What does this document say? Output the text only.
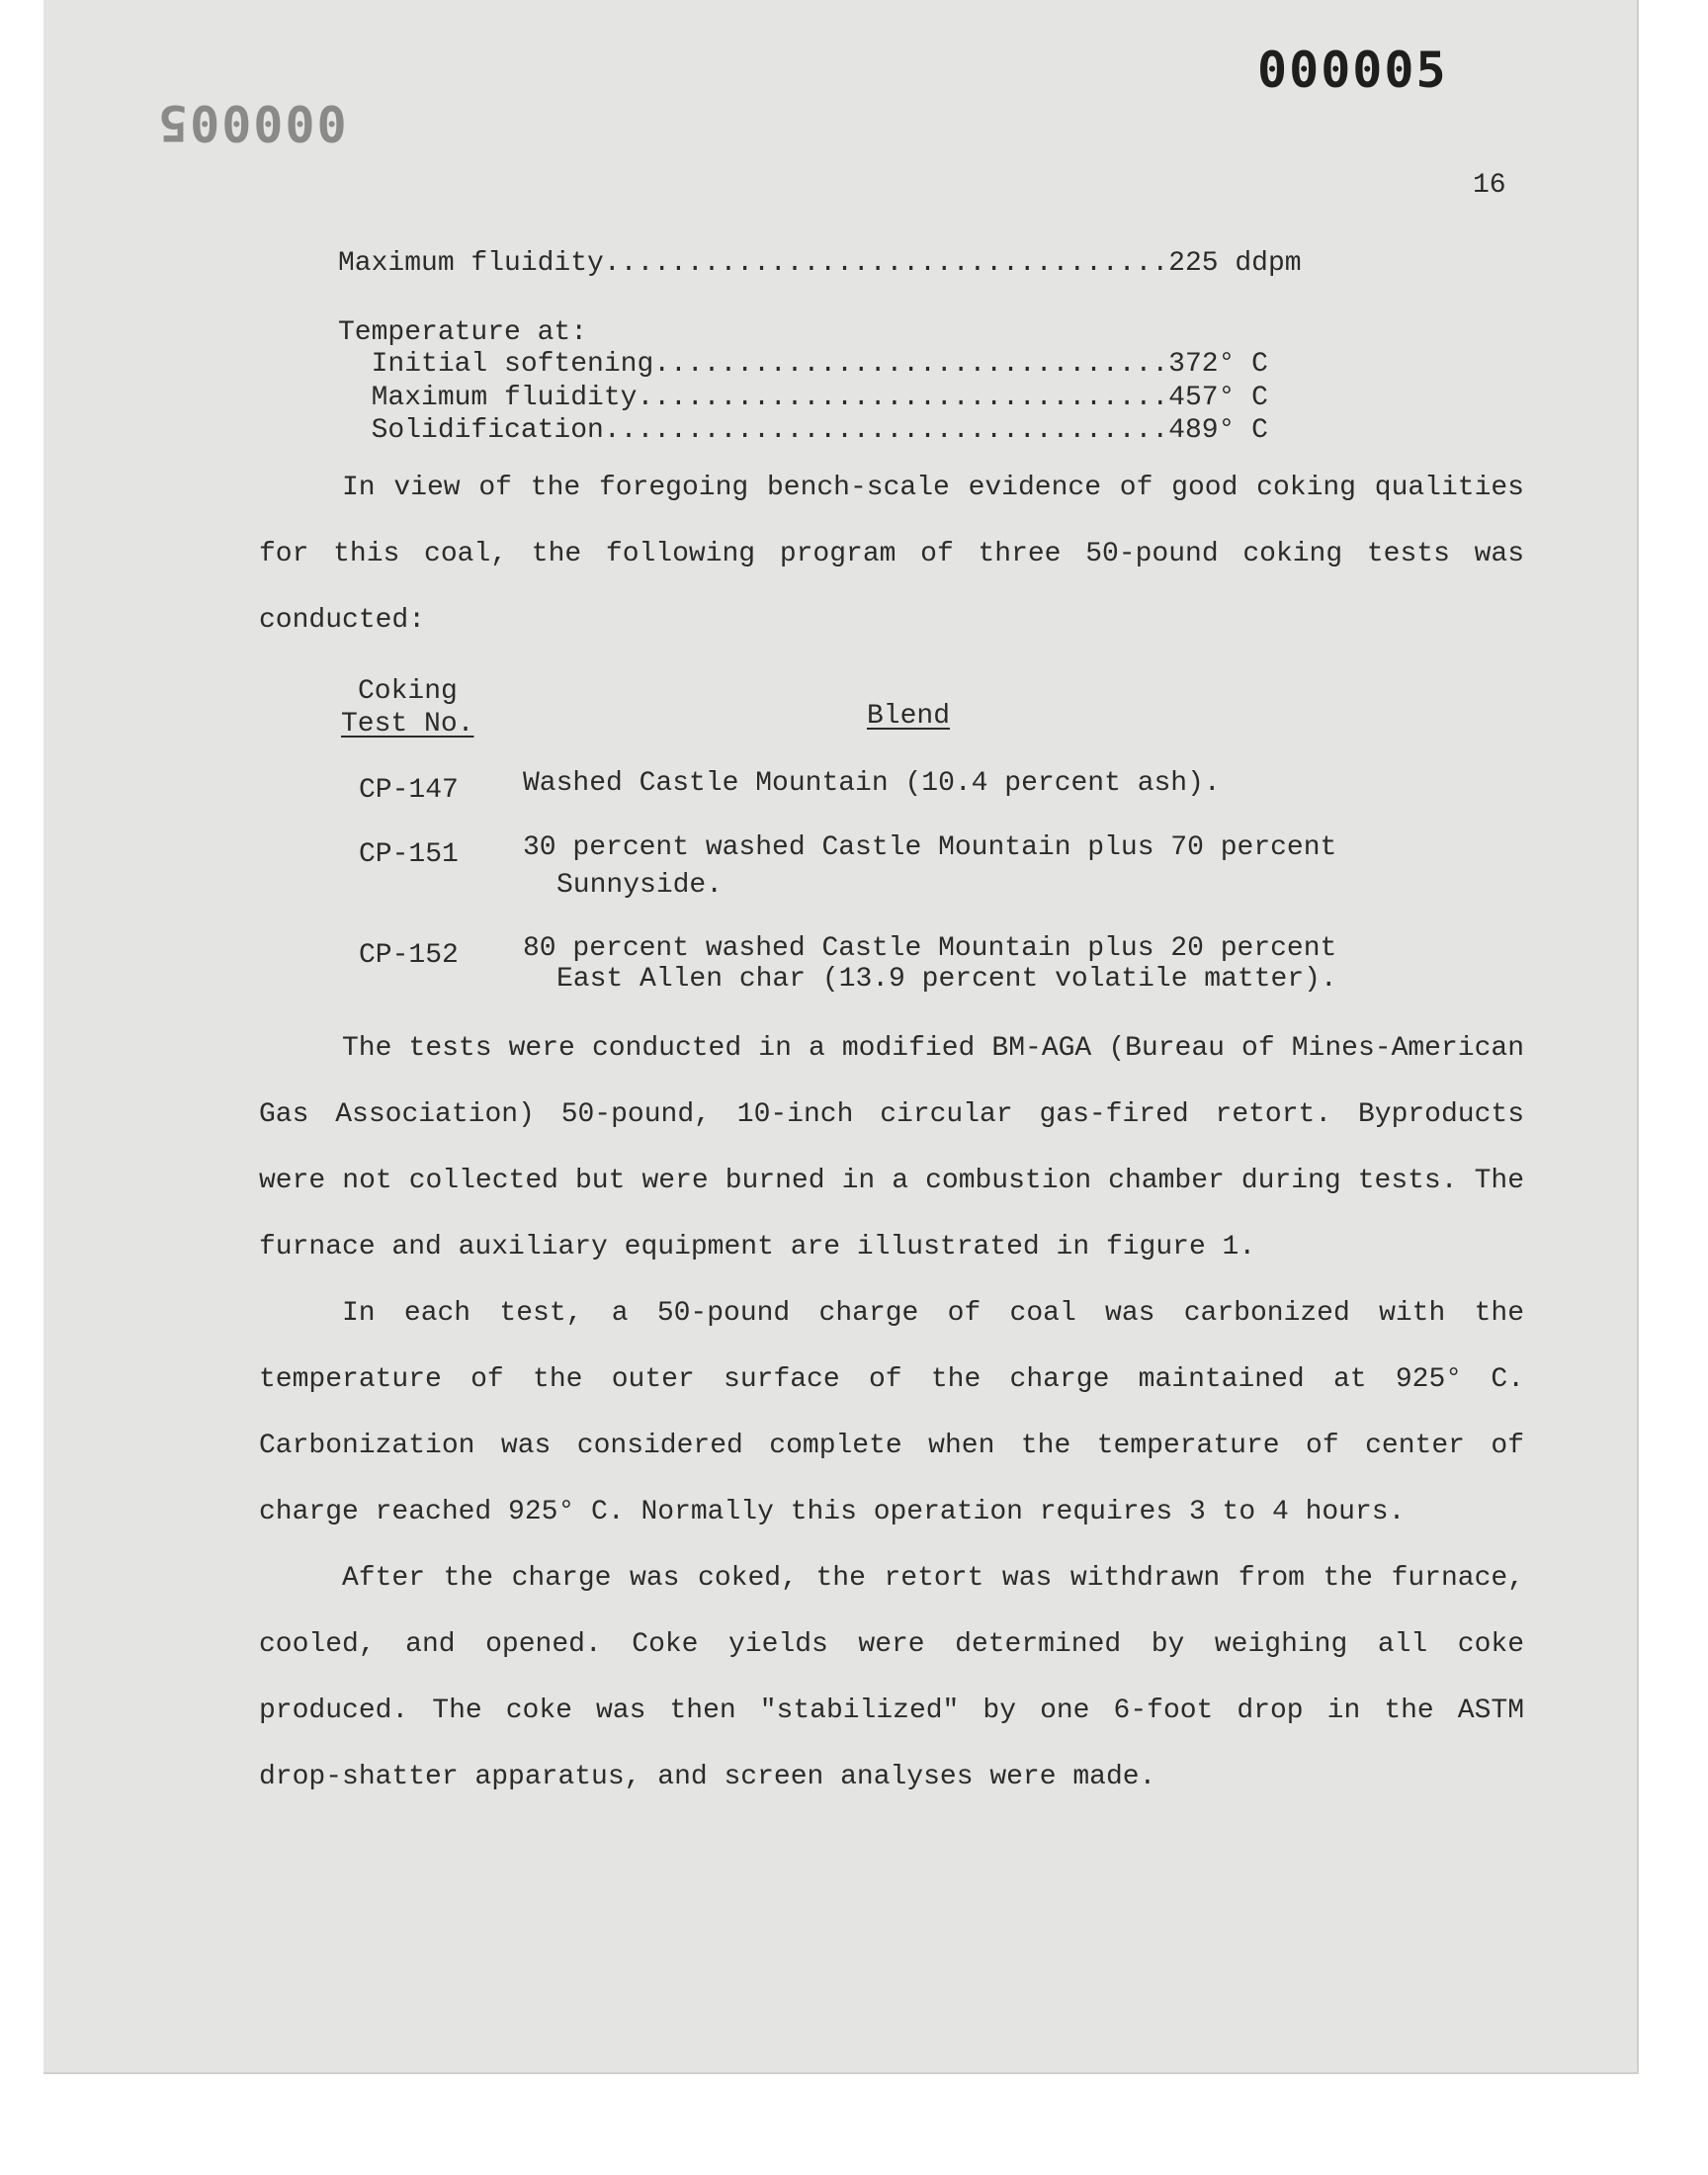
000005
000005
16
Maximum fluidity..................................225 ddpm
Temperature at:
Initial softening...............................372° C
Maximum fluidity................................457° C
Solidification..................................489° C
In view of the foregoing bench-scale evidence of good coking qualities for this coal, the following program of three 50-pound coking tests was conducted:
Coking
Test No.	Blend
CP-147 Washed Castle Mountain (10.4 percent ash).
CP-151 30 percent washed Castle Mountain plus 70 percent
Sunnyside.
CP-152 80 percent washed Castle Mountain plus 20 percent
East Allen char (13.9 percent volatile matter).
The tests were conducted in a modified BM-AGA (Bureau of Mines-American Gas Association) 50-pound, 10-inch circular gas-fired retort. Byproducts were not collected but were burned in a combustion chamber during tests. The furnace and auxiliary equipment are illustrated in figure 1.
In each test, a 50-pound charge of coal was carbonized with the temperature of the outer surface of the charge maintained at 925° C. Carbonization was considered complete when the temperature of center of charge reached 925° C. Normally this operation requires 3 to 4 hours.
After the charge was coked, the retort was withdrawn from the furnace, cooled, and opened. Coke yields were determined by weighing all coke produced. The coke was then "stabilized" by one 6-foot drop in the ASTM drop-shatter apparatus, and screen analyses were made.
